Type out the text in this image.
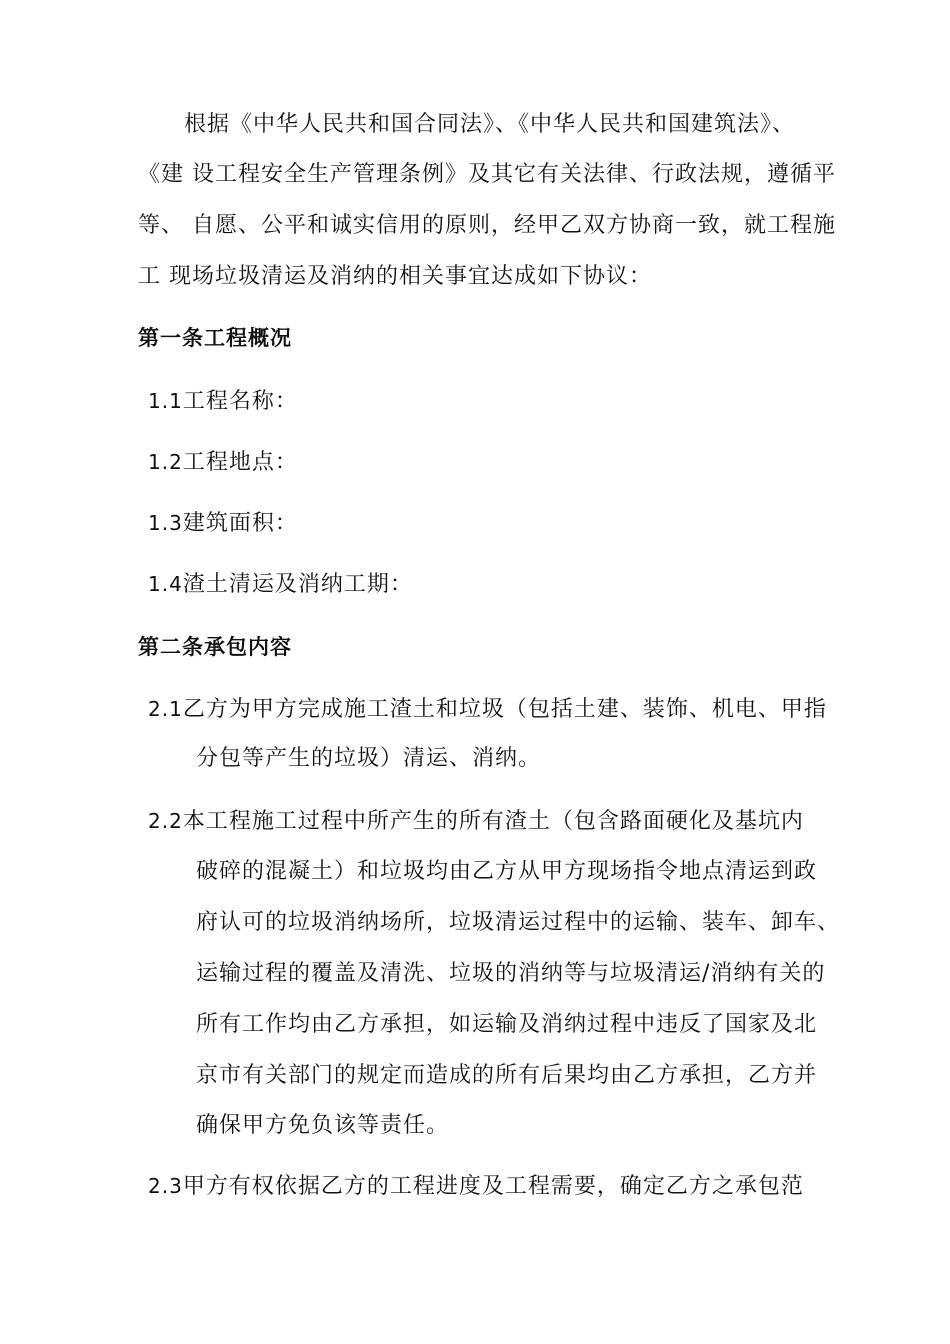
根据《中华人民共和国合同法》、《中华人民共和国建筑法》、
《建 设工程安全生产管理条例》及其它有关法律、行政法规，遵循平
等、 自愿、公平和诚实信用的原则，经甲乙双方协商一致，就工程施
工 现场垃圾清运及消纳的相关事宜达成如下协议：
第一条工程概况
1.1工程名称：
1.2工程地点：
1.3建筑面积：
1.4渣土清运及消纳工期：
第二条承包内容
2.1乙方为甲方完成施工渣土和垃圾（包括土建、装饰、机电、甲指
分包等产生的垃圾）清运、消纳。
2.2本工程施工过程中所产生的所有渣土（包含路面硬化及基坑内
破碎的混凝土）和垃圾均由乙方从甲方现场指令地点清运到政
府认可的垃圾消纳场所，垃圾清运过程中的运输、装车、卸车、
运输过程的覆盖及清洗、垃圾的消纳等与垃圾清运/消纳有关的
所有工作均由乙方承担，如运输及消纳过程中违反了国家及北
京市有关部门的规定而造成的所有后果均由乙方承担，乙方并
确保甲方免负该等责任。
2.3甲方有权依据乙方的工程进度及工程需要，确定乙方之承包范
